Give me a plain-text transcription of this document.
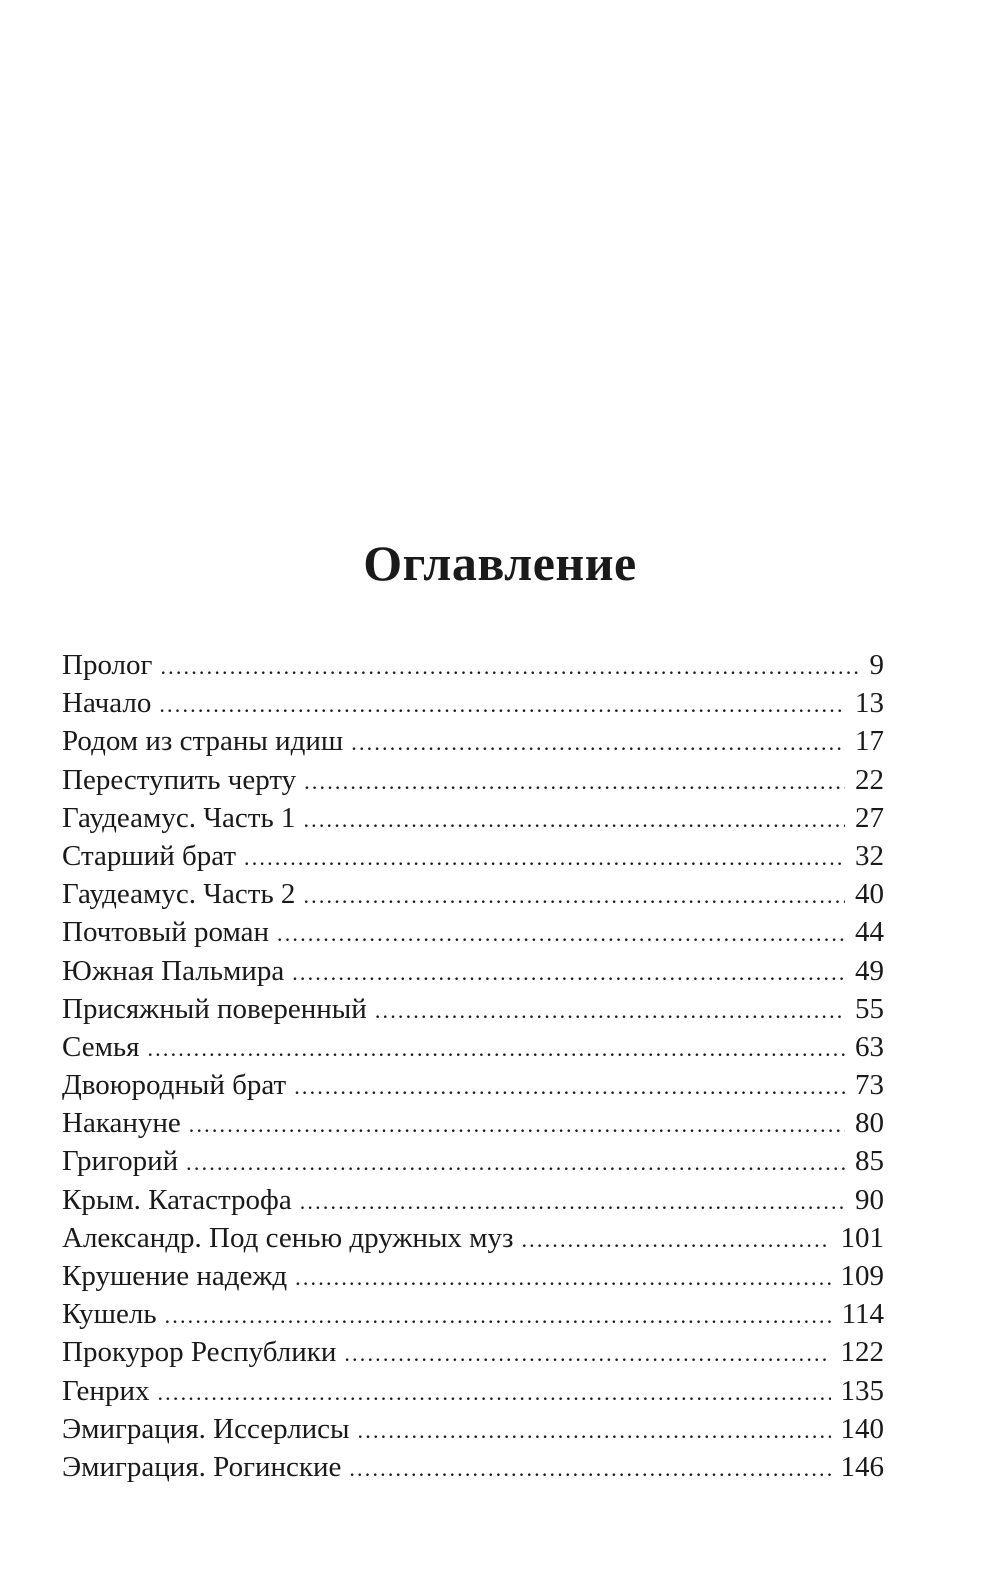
Оглавление
Пролог .....	9
Начало .....	13
Родом из страны идиш .....	17
Переступить черту .....	22
Гаудеамус. Часть 1 .....	27
Старший брат .....	32
Гаудеамус. Часть 2 .....	40
Почтовый роман .....	44
Южная Пальмира .....	49
Присяжный поверенный .....	55
Семья .....	63
Двоюродный брат .....	73
Накануне .....	80
Григорий .....	85
Крым. Катастрофа .....	90
Александр. Под сенью дружных муз .....	101
Крушение надежд .....	109
Кушель .....	114
Прокурор Республики .....	122
Генрих .....	135
Эмиграция. Иссерлисы .....	140
Эмиграция. Рогинские .....	146
